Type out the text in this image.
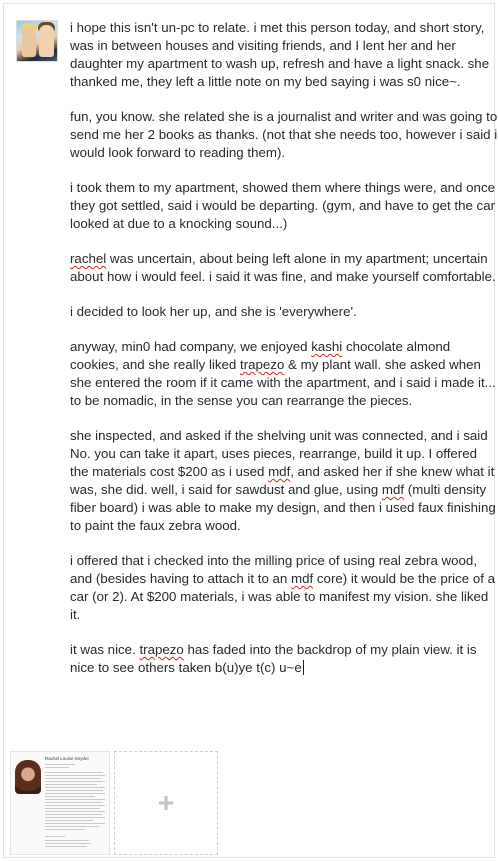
i hope this isn't un-pc to relate. i met this person today, and short story, was in between houses and visiting friends, and I lent her and her daughter my apartment to wash up, refresh and have a light snack. she thanked me, they left a little note on my bed saying i was s0 nice~.

fun, you know. she related she is a journalist and writer and was going to send me her 2 books as thanks. (not that she needs too, however i said i would look forward to reading them).

i took them to my apartment, showed them where things were, and once they got settled, said i would be departing. (gym, and have to get the car looked at due to a knocking sound...)

rachel was uncertain, about being left alone in my apartment; uncertain about how i would feel. i said it was fine, and make yourself comfortable.

i decided to look her up, and she is 'everywhere'.

anyway, min0 had company, we enjoyed kashi chocolate almond cookies, and she really liked trapezo & my plant wall. she asked when she entered the room if it came with the apartment, and i said i made it... to be nomadic, in the sense you can rearrange the pieces.

she inspected, and asked if the shelving unit was connected, and i said No. you can take it apart, uses pieces, rearrange, build it up. I offered the materials cost $200 as i used mdf, and asked her if she knew what it was, she did. well, i said for sawdust and glue, using mdf (multi density fiber board) i was able to make my design, and then i used faux finishing to paint the faux zebra wood.

i offered that i checked into the milling price of using real zebra wood, and (besides having to attach it to an mdf core) it would be the price of a car (or 2). At $200 materials, i was able to manifest my vision. she liked it.

it was nice. trapezo has faded into the backdrop of my plain view. it is nice to see others taken b(u)ye t(c) u~e

Rachel Louise Snyder
+
